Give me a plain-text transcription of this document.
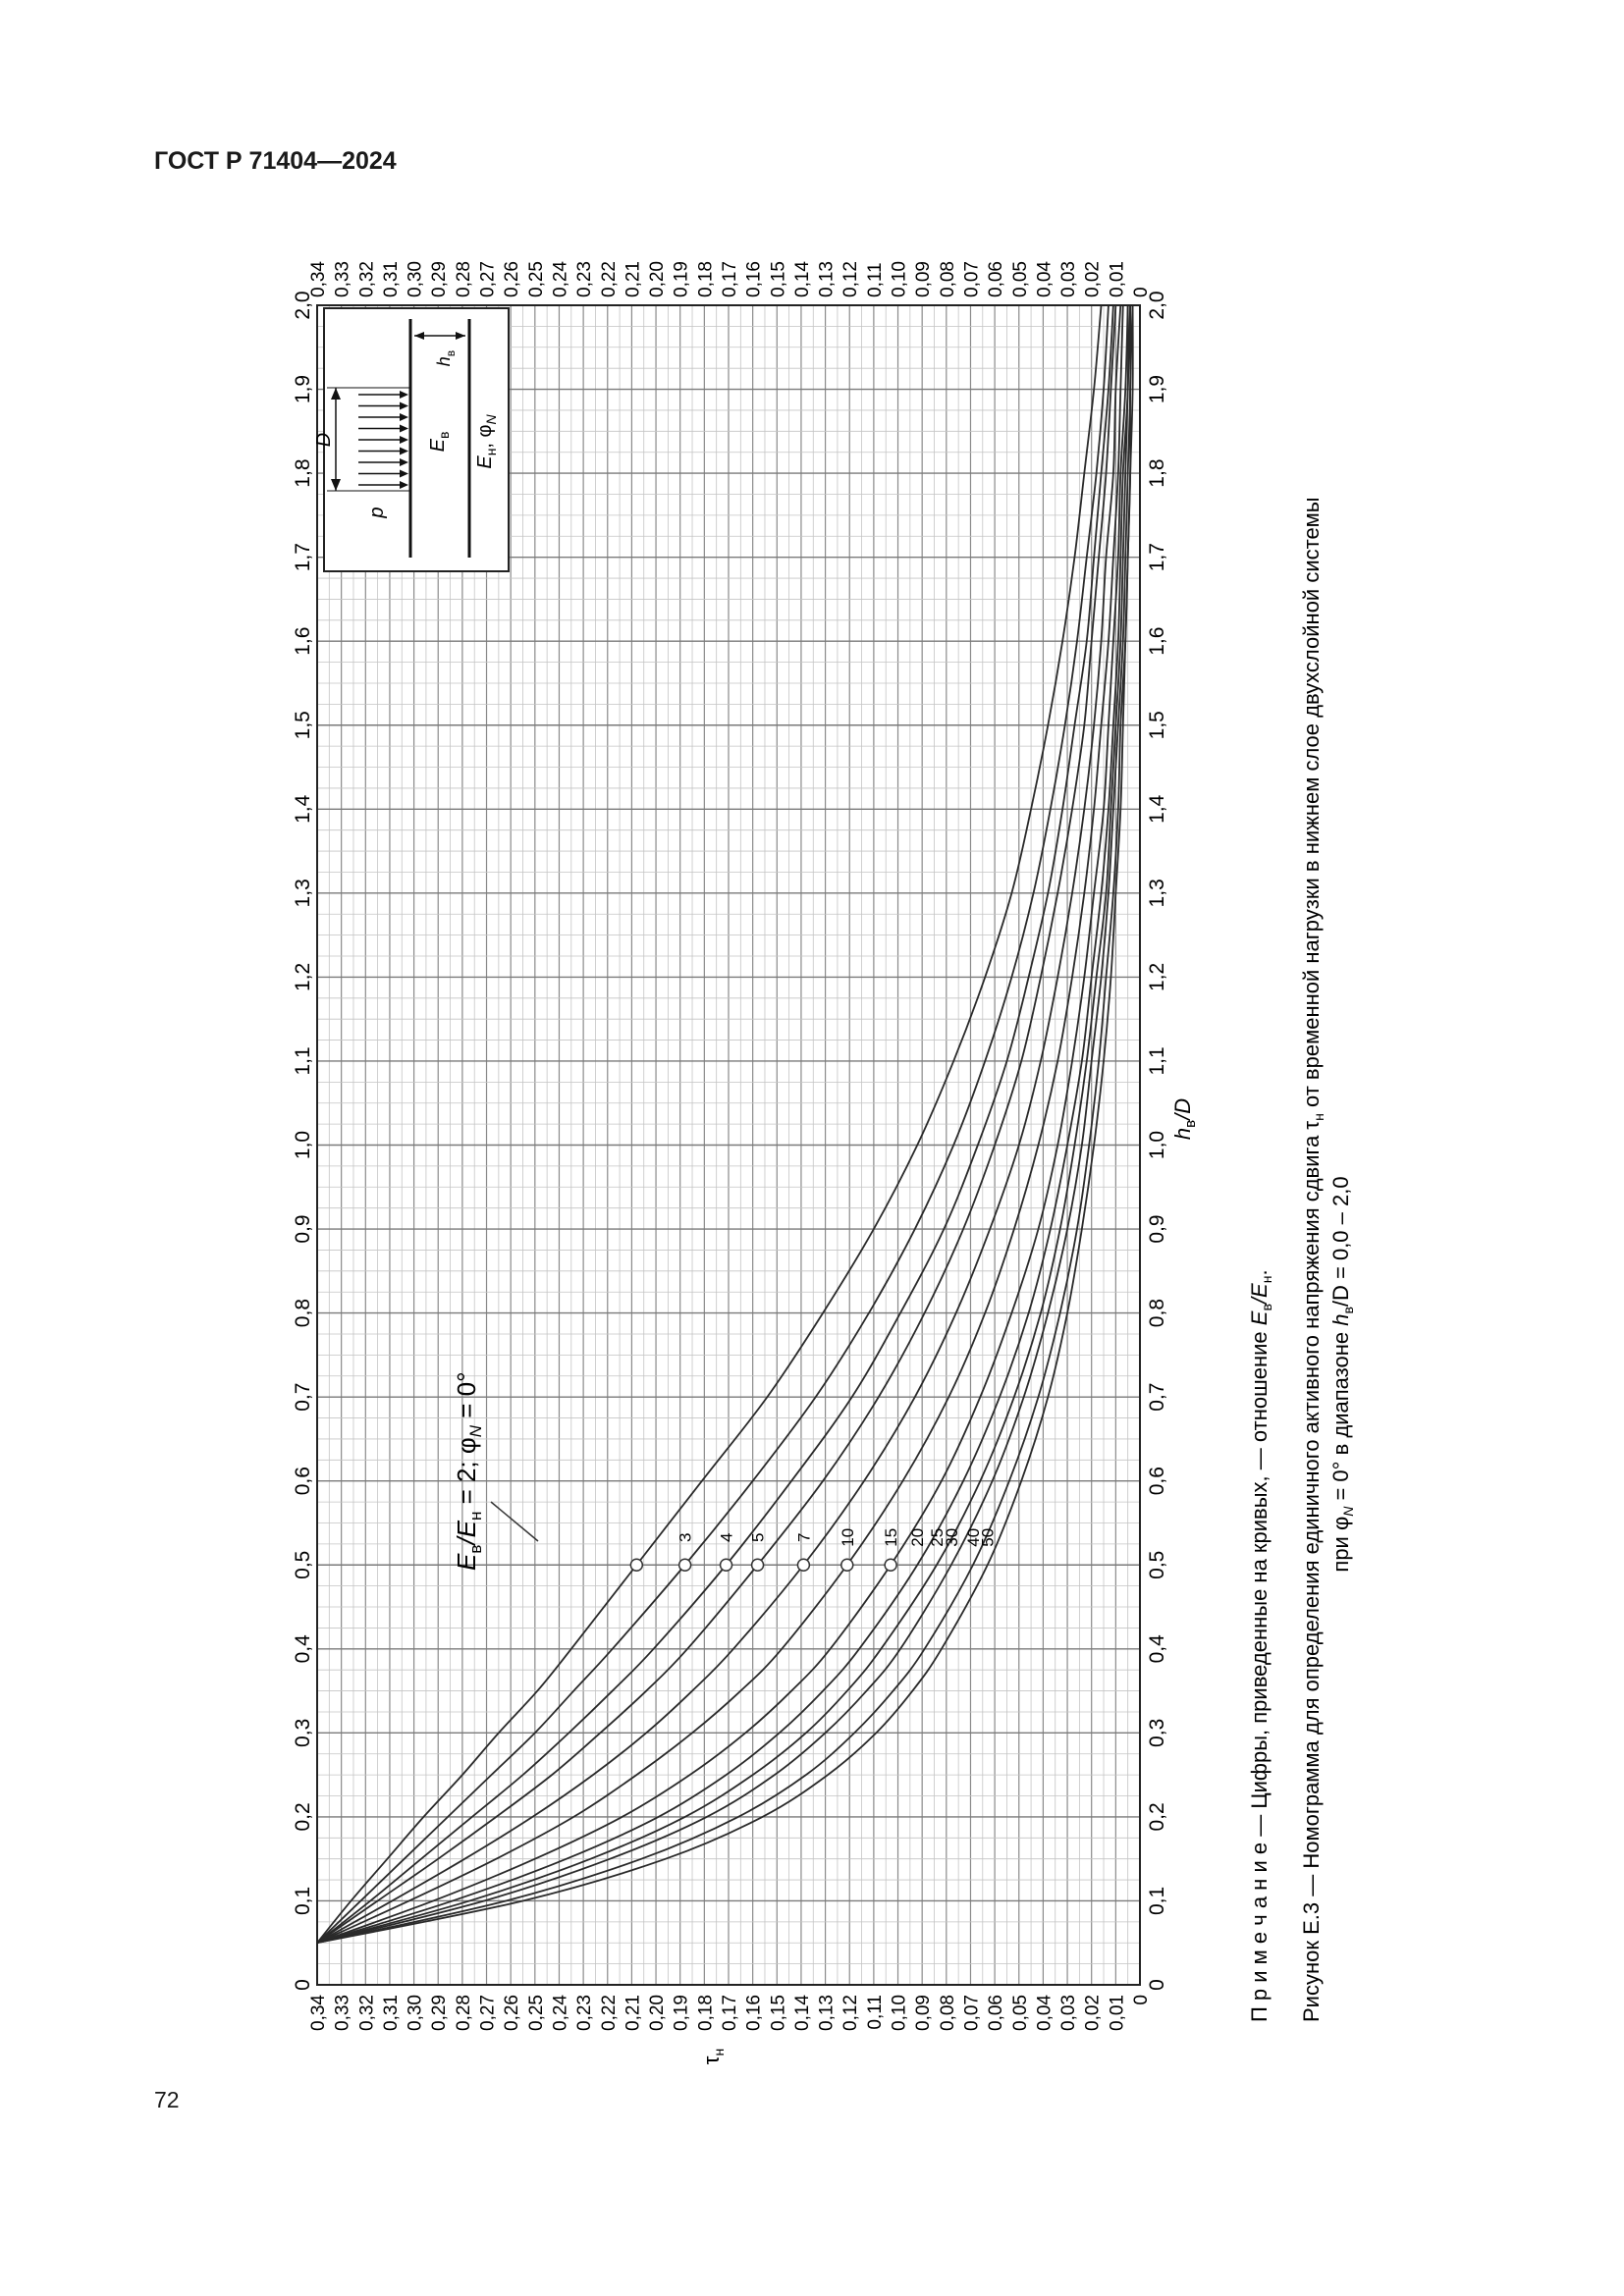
ГОСТ Р 71404—2024
3 4 5 7 10 15 20 25
30 40
50
0
0,1
0,2
0,3
0,4
0,5
0,6
0,7
0,8
0,9
1,0
1,1
1,2
1,3
1,4
1,5
1,6
1,7
1,8
1,9
2,0
0
0,1
0,2
0,3
0,4
0,5
0,6
0,7
0,8
0,9
1,0
1,1
1,2
1,3
1,4
1,5
1,6
1,7
1,8
1,9
2,0
0
0,01
0,02
0,03
0,04
0,05
0,06
0,07
0,08
0,09
0,10
0,11
0,12
0,13
0,14
0,15
0,16
0,17
0,18
0,19
0,20
0,21
0,22
0,23
0,24
0,25
0,26
0,27
0,28
0,29
0,30
0,31
0,32
0,33
0,34
0
0,01
0,02
0,03
0,04
0,05
0,06
0,07
0,08
0,09
0,10
0,11
0,12
0,13
0,14
0,15
0,16
0,17
0,18
0,19
0,20
0,21
0,22
0,23
0,24
0,25
0,26
0,27
0,28
0,29
0,30
0,31
0,32
0,33
0,34
$h_в/D$
$\tau_н$
$E_в/E_н = 2$; $\varphi_N = 0^\circ$
D
p
$E_в$
$E_н$, $\varphi_N$
$h_в$
П р и м е ч а н и е — Цифры, приведенные на кривых, — отношение $E_в/E_н$. Рисунок Е.3 — Номограмма для определения единичного активного напряжения сдвига $\tau_н$ от временной нагрузки в нижнем слое двухслойной системы
при $\varphi_N = 0^\circ$ в диапазоне $h_в/D = 0,0 - 2,0$
72
